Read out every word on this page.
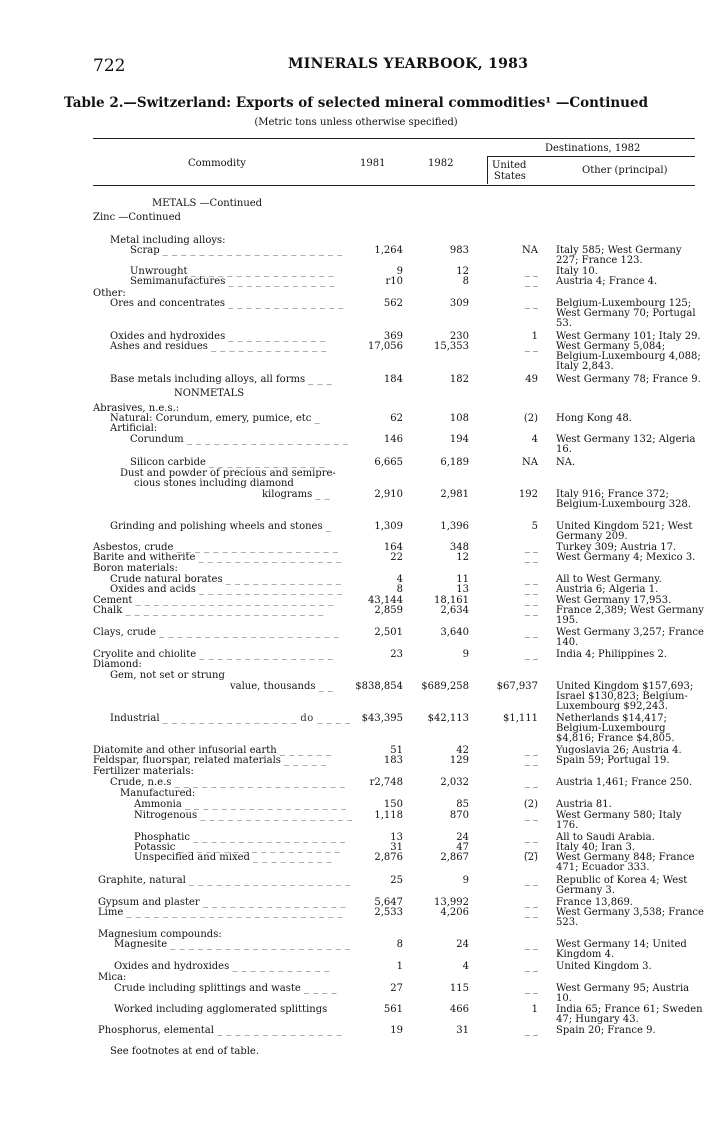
722	MINERALS YEARBOOK, 1983
Table 2.—Switzerland: Exports of selected mineral commodities¹ —Continued
(Metric tons unless otherwise specified)
Destinations, 1982
Commodity	1981	1982	United
States
Other (principal)
METALS —Continued
Zinc —Continued
Metal including alloys:
Scrap _ _ _ _ _ _ _ _ _ _ _ _ _ _ _ _ _ _ _ _	1,264	983	NA Italy 585; West Germany 227; France 123.
Unwrought _ _ _ _ _ _ _ _ _ _ _ _ _ _ _ _	9	12	_ _ Italy 10.
Semimanufactures _ _ _ _ _ _ _ _ _ _ _ _	r10	8	_ _ Austria 4; France 4.
Other:
Ores and concentrates _ _ _ _ _ _ _ _ _ _ _ _ _	562	309	_ _ Belgium-Luxembourg 125; West Germany 70; Portugal 53.
Oxides and hydroxides _ _ _ _ _ _ _ _ _ _ _	369	230	1 West Germany 101; Italy 29.
Ashes and residues _ _ _ _ _ _ _ _ _ _ _ _ _	17,056	15,353	_ _ West Germany 5,084; Belgium-Luxembourg 4,088; Italy 2,843.
Base metals including alloys, all forms _ _ _	184	182	49 West Germany 78; France 9.
NONMETALS
Abrasives, n.e.s.:
Natural: Corundum, emery, pumice, etc _	62	108	(2) Hong Kong 48.
Artificial:
Corundum _ _ _ _ _ _ _ _ _ _ _ _ _ _ _ _ _ _	146	194	4 West Germany 132; Algeria 16.
Silicon carbide _ _ _ _ _ _ _ _ _ _ _ _ _	6,665	6,189	NA NA.
Dust and powder of precious and semipre-
cious stones including diamond
kilograms _ _	2,910	2,981	192 Italy 916; France 372; Belgium-Luxembourg 328.
Grinding and polishing wheels and stones _	1,309	1,396	5 United Kingdom 521; West Germany 209.
Asbestos, crude _ _ _ _ _ _ _ _ _ _ _ _ _ _ _ _ _ _	164	348	_ _ Turkey 309; Austria 17.
Barite and witherite _ _ _ _ _ _ _ _ _ _ _ _ _ _ _ _	22	12	_ _ West Germany 4; Mexico 3.
Boron materials:
Crude natural borates _ _ _ _ _ _ _ _ _ _ _ _ _	4	11	_ _ All to West Germany.
Oxides and acids _ _ _ _ _ _ _ _ _ _ _ _ _ _ _ _	8	13	_ _ Austria 6; Algeria 1.
Cement _ _ _ _ _ _ _ _ _ _ _ _ _ _ _ _ _ _ _ _ _ _	43,144	18,161	_ _ West Germany 17,953.
Chalk _ _ _ _ _ _ _ _ _ _ _ _ _ _ _ _ _ _ _ _ _ _	2,859	2,634	_ _ France 2,389; West Germany 195.
Clays, crude _ _ _ _ _ _ _ _ _ _ _ _ _ _ _ _ _ _ _ _	2,501	3,640	_ _ West Germany 3,257; France 140.
Cryolite and chiolite _ _ _ _ _ _ _ _ _ _ _ _ _ _ _	23	9	_ _ India 4; Philippines 2.
Diamond:
Gem, not set or strung
value, thousands _ _	$838,854	$689,258	$67,937 United Kingdom $157,693; Israel $130,823; Belgium-Luxembourg $92,243.
Industrial _ _ _ _ _ _ _ _ _ _ _ _ _ _ _ do _ _ _ _	$43,395	$42,113	$1,111 Netherlands $14,417; Belgium-Luxembourg $4,816; France $4,805.
Diatomite and other infusorial earth _ _ _ _ _ _	51	42	_ _ Yugoslavia 26; Austria 4.
Feldspar, fluorspar, related materials _ _ _ _ _	183	129	_ _ Spain 59; Portugal 19.
Fertilizer materials:
Crude, n.e.s _ _ _ _ _ _ _ _ _ _ _ _ _ _ _ _ _ _ _	r2,748	2,032	_ _ Austria 1,461; France 250.
Manufactured:
Ammonia _ _ _ _ _ _ _ _ _ _ _ _ _ _ _ _ _ _	150	85	(2) Austria 81.
Nitrogenous _ _ _ _ _ _ _ _ _ _ _ _ _ _ _ _ _	1,118	870	_ _ West Germany 580; Italy 176.
Phosphatic _ _ _ _ _ _ _ _ _ _ _ _ _ _ _ _ _	13	24	_ _ All to Saudi Arabia.
Potassic _ _ _ _ _ _ _ _ _ _ _ _ _ _ _ _ _ _	31	47	_ _ Italy 40; Iran 3.
Unspecified and mixed _ _ _ _ _ _ _ _ _	2,876	2,867	(2) West Germany 848; France 471; Ecuador 333.
Graphite, natural _ _ _ _ _ _ _ _ _ _ _ _ _ _ _ _ _ _	25	9	_ _ Republic of Korea 4; West Germany 3.
Gypsum and plaster _ _ _ _ _ _ _ _ _ _ _ _ _ _ _ _	5,647	13,992	_ _ France 13,869.
Lime _ _ _ _ _ _ _ _ _ _ _ _ _ _ _ _ _ _ _ _ _ _ _ _	2,533	4,206	_ _ West Germany 3,538; France 523.
Magnesium compounds:
Magnesite _ _ _ _ _ _ _ _ _ _ _ _ _ _ _ _ _ _ _ _	8	24	_ _ West Germany 14; United Kingdom 4.
Oxides and hydroxides _ _ _ _ _ _ _ _ _ _ _	1	4	_ _ United Kingdom 3.
Mica:
Crude including splittings and waste _ _ _ _	27	115	_ _ West Germany 95; Austria 10.
Worked including agglomerated splittings	561	466	1 India 65; France 61; Sweden 47; Hungary 43.
Phosphorus, elemental _ _ _ _ _ _ _ _ _ _ _ _ _ _	19	31	_ _ Spain 20; France 9.
See footnotes at end of table.
